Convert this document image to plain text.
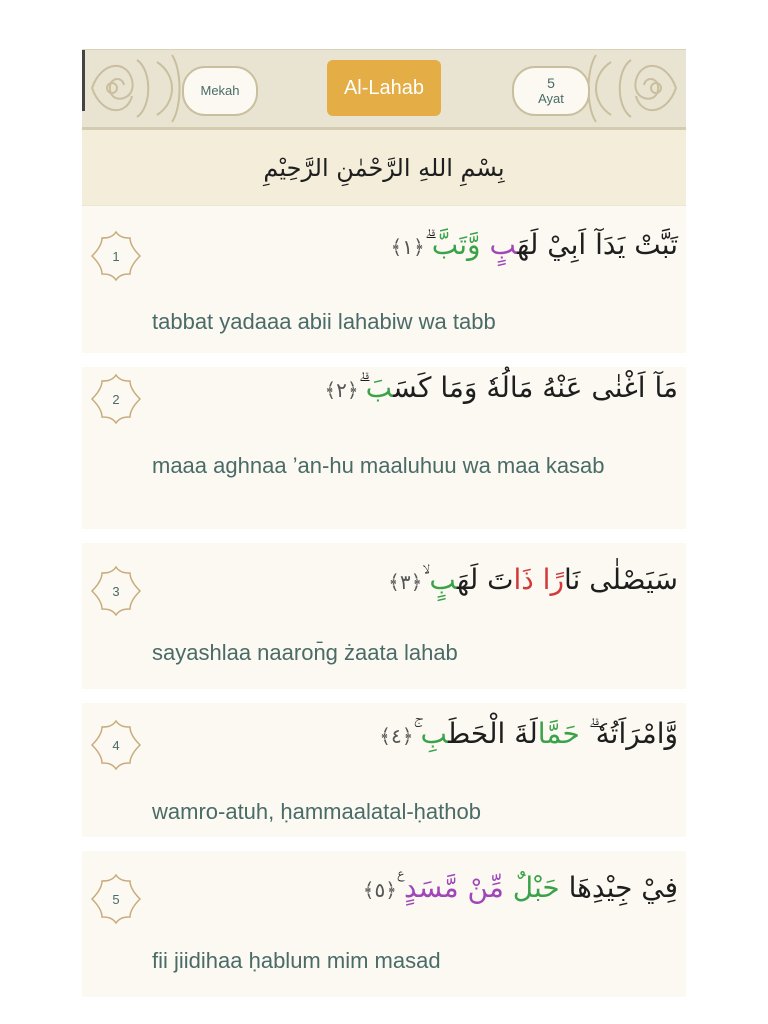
Mekah	Al-Lahab	5
Ayat
بِسْمِ اللهِ الرَّحْمٰنِ الرَّحِيْمِ
1	تَبَّتْ يَدَآ اَبِيْ لَهَبٍ وَّتَبَّ ۗ﴿١﴾
tabbat yadaaa abii lahabiw wa tabb
2	مَآ اَغْنٰى عَنْهُ مَالُهٗ وَمَا كَسَبَ ۗ﴿٢﴾
maaa aghnaa ’an-hu maaluhuu wa maa kasab
3	سَيَصْلٰى نَارًا ذَاتَ لَهَبٍ ۙ﴿٣﴾
sayashlaa naaron̄g żaata lahab
4	وَّامْرَاَتُهٗ ۗ حَمَّالَةَ الْحَطَبِ ۚ﴿٤﴾
wamro-atuh, ḥammaalatal-ḥathob
5	فِيْ جِيْدِهَا حَبْلٌ مِّنْ مَّسَدٍ ࣖ﴿٥﴾
fii jiidihaa ḥablum mim masad
